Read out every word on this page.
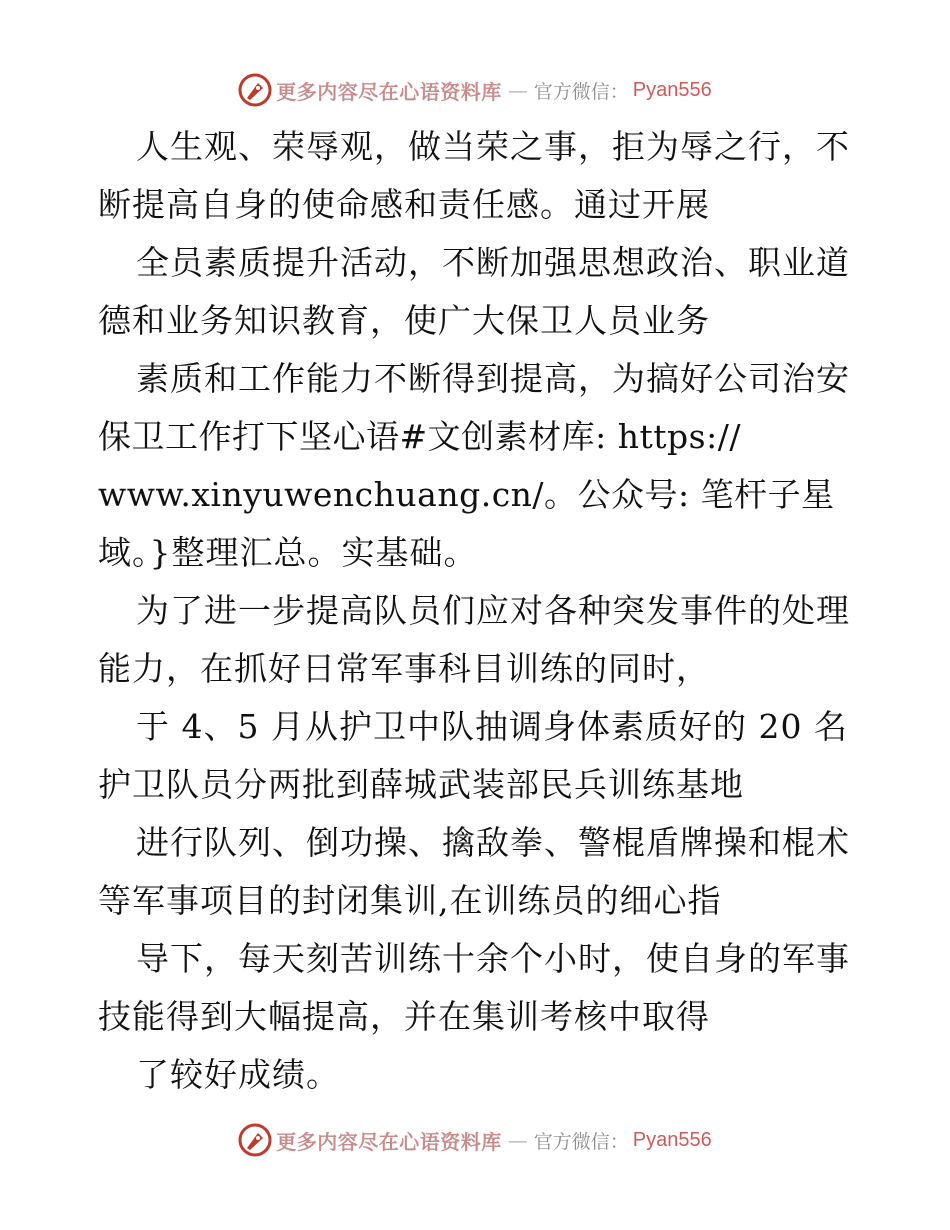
更多内容尽在心语资料库 — 官方微信： Pyan556
人生观、荣辱观，做当荣之事，拒为辱之行，不
断提高自身的使命感和责任感。通过开展
全员素质提升活动，不断加强思想政治、职业道
德和业务知识教育，使广大保卫人员业务
素质和工作能力不断得到提高，为搞好公司治安
保卫工作打下坚心语#文创素材库: https://
www.xinyuwenchuang.cn/。公众号: 笔杆子星
域。}整理汇总。实基础。
为了进一步提高队员们应对各种突发事件的处理
能力，在抓好日常军事科目训练的同时，
于 4、5 月从护卫中队抽调身体素质好的 20 名
护卫队员分两批到薛城武装部民兵训练基地
进行队列、倒功操、擒敌拳、警棍盾牌操和棍术
等军事项目的封闭集训,在训练员的细心指
导下，每天刻苦训练十余个小时，使自身的军事
技能得到大幅提高，并在集训考核中取得
了较好成绩。
更多内容尽在心语资料库 — 官方微信： Pyan556
